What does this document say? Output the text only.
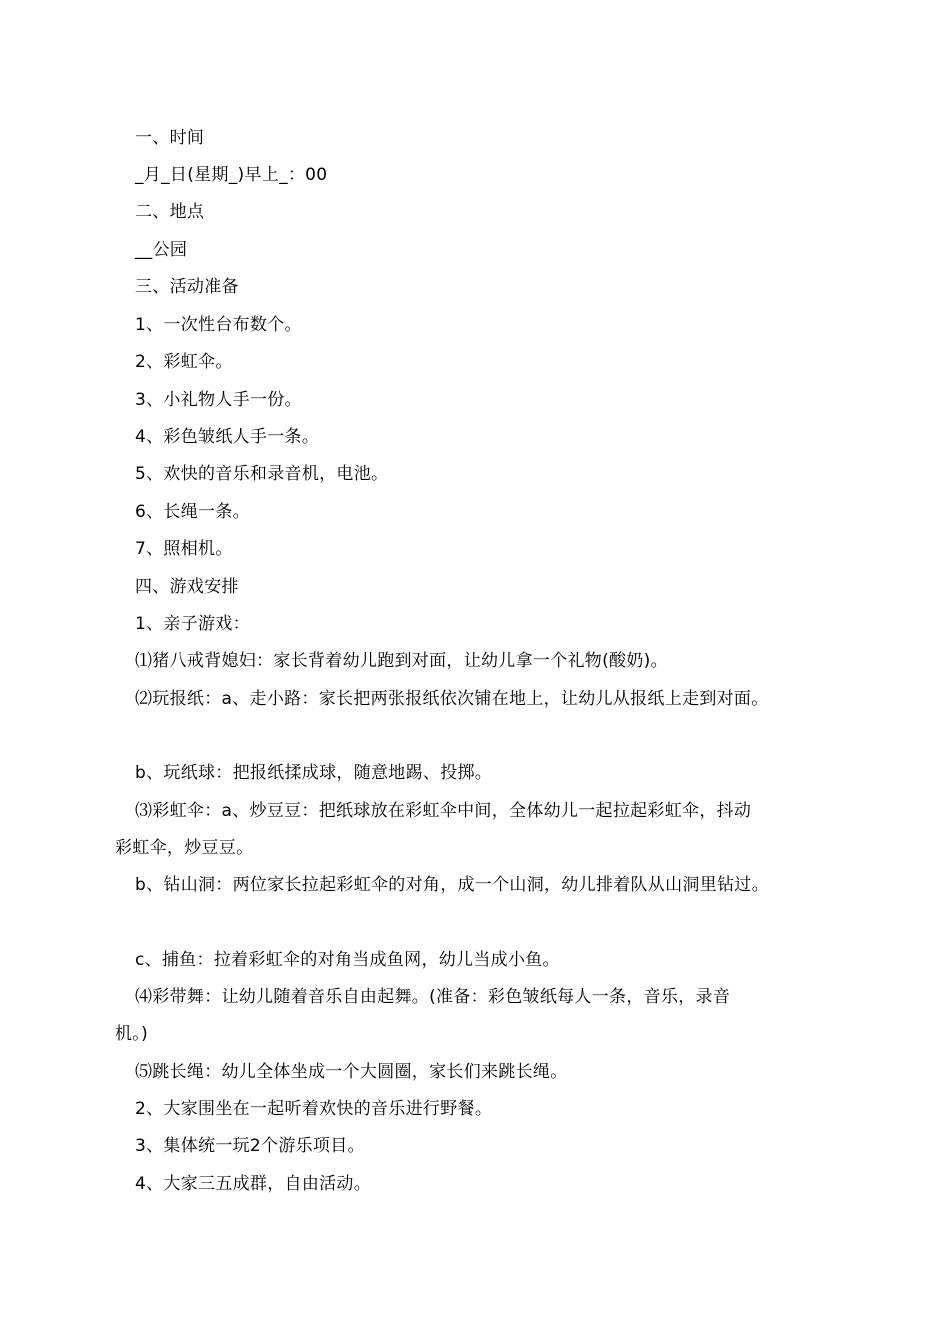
一、时间
_月_日(星期_)早上_：00
二、地点
__公园
三、活动准备
1、一次性台布数个。
2、彩虹伞。
3、小礼物人手一份。
4、彩色皱纸人手一条。
5、欢快的音乐和录音机，电池。
6、长绳一条。
7、照相机。
四、游戏安排
1、亲子游戏：
⑴猪八戒背媳妇：家长背着幼儿跑到对面，让幼儿拿一个礼物(酸奶)。
⑵玩报纸：a、走小路：家长把两张报纸依次铺在地上，让幼儿从报纸上走到对面。
b、玩纸球：把报纸揉成球，随意地踢、投掷。
⑶彩虹伞：a、炒豆豆：把纸球放在彩虹伞中间，全体幼儿一起拉起彩虹伞，抖动
彩虹伞，炒豆豆。
b、钻山洞：两位家长拉起彩虹伞的对角，成一个山洞，幼儿排着队从山洞里钻过。
c、捕鱼：拉着彩虹伞的对角当成鱼网，幼儿当成小鱼。
⑷彩带舞：让幼儿随着音乐自由起舞。(准备：彩色皱纸每人一条，音乐，录音
机。)
⑸跳长绳：幼儿全体坐成一个大圆圈，家长们来跳长绳。
2、大家围坐在一起听着欢快的音乐进行野餐。
3、集体统一玩2个游乐项目。
4、大家三五成群，自由活动。
